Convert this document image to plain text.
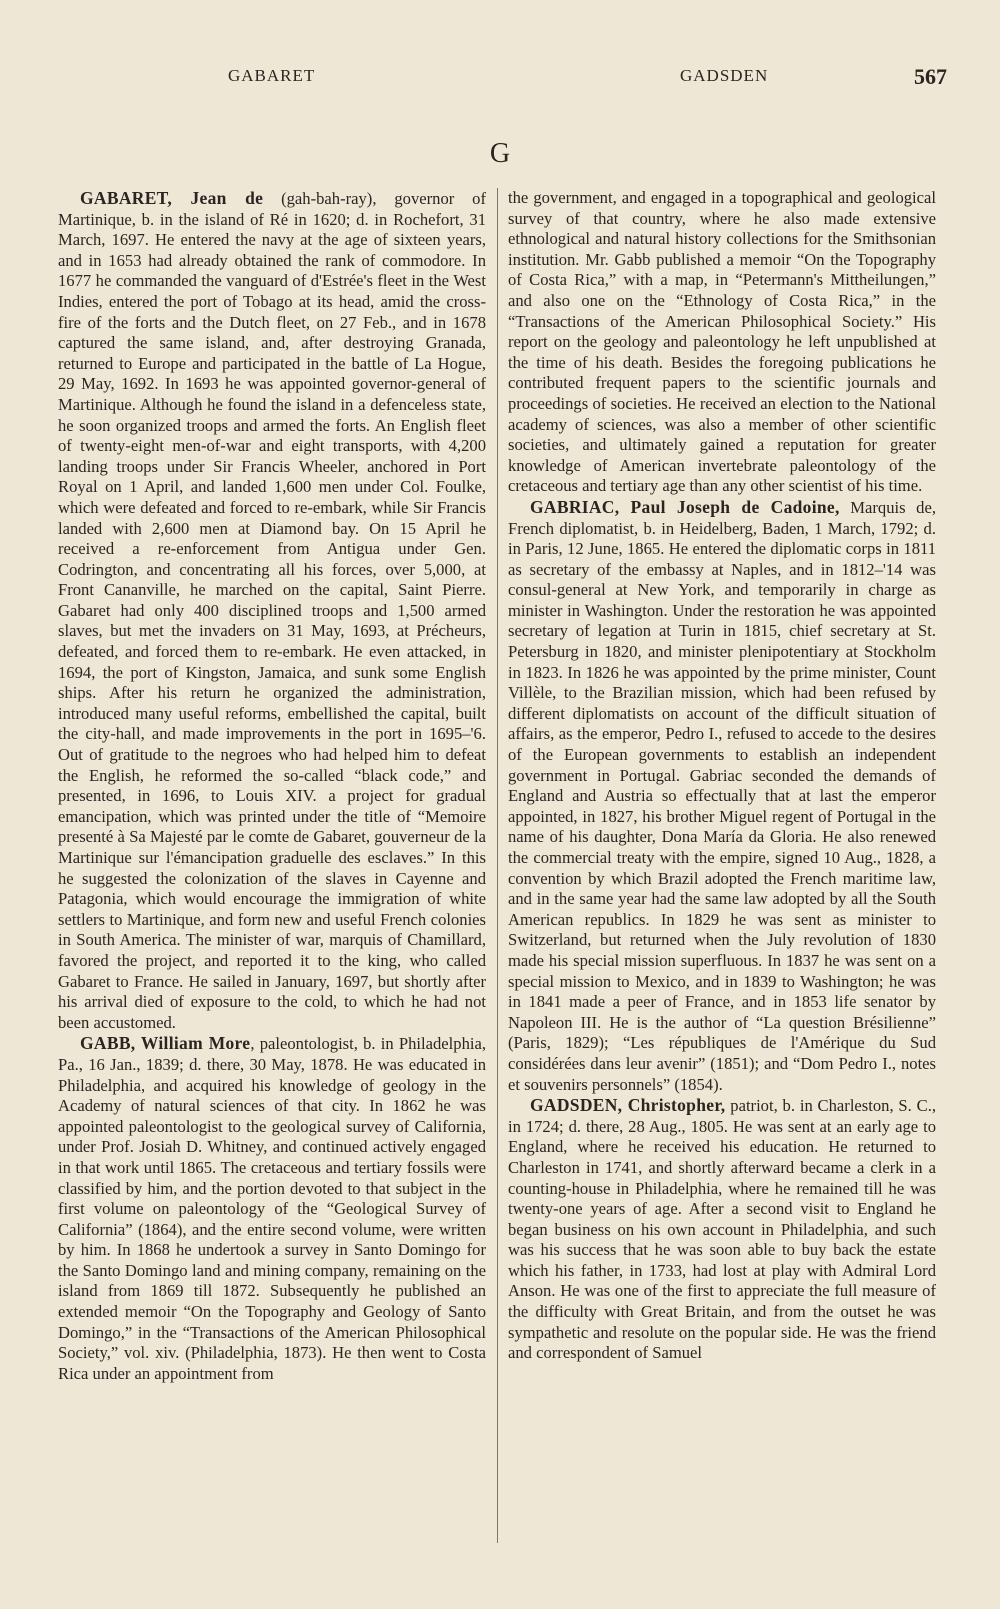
GABARET	GADSDEN	567
G

GABARET, Jean de (gah-bah-ray), governor of Martinique, b. in the island of Ré in 1620; d. in Rochefort, 31 March, 1697. He entered the navy at the age of sixteen years, and in 1653 had already obtained the rank of commodore. In 1677 he commanded the vanguard of d'Estrée's fleet in the West Indies, entered the port of Tobago at its head, amid the cross-fire of the forts and the Dutch fleet, on 27 Feb., and in 1678 captured the same island, and, after destroying Granada, returned to Europe and participated in the battle of La Hogue, 29 May, 1692. In 1693 he was appointed governor-general of Martinique. Although he found the island in a defenceless state, he soon organized troops and armed the forts. An English fleet of twenty-eight men-of-war and eight transports, with 4,200 landing troops under Sir Francis Wheeler, anchored in Port Royal on 1 April, and landed 1,600 men under Col. Foulke, which were defeated and forced to re-embark, while Sir Francis landed with 2,600 men at Diamond bay. On 15 April he received a re-enforcement from Antigua under Gen. Codrington, and concentrating all his forces, over 5,000, at Front Cananville, he marched on the capital, Saint Pierre. Gabaret had only 400 disciplined troops and 1,500 armed slaves, but met the invaders on 31 May, 1693, at Précheurs, defeated, and forced them to re-embark. He even attacked, in 1694, the port of Kingston, Jamaica, and sunk some English ships. After his return he organized the administration, introduced many useful reforms, embellished the capital, built the city-hall, and made improvements in the port in 1695–'6. Out of gratitude to the negroes who had helped him to defeat the English, he reformed the so-called “black code,” and presented, in 1696, to Louis XIV. a project for gradual emancipation, which was printed under the title of “Memoire presenté à Sa Majesté par le comte de Gabaret, gouverneur de la Martinique sur l'émancipation graduelle des esclaves.” In this he suggested the colonization of the slaves in Cayenne and Patagonia, which would encourage the immigration of white settlers to Martinique, and form new and useful French colonies in South America. The minister of war, marquis of Chamillard, favored the project, and reported it to the king, who called Gabaret to France. He sailed in January, 1697, but shortly after his arrival died of exposure to the cold, to which he had not been accustomed.

GABB, William More, paleontologist, b. in Philadelphia, Pa., 16 Jan., 1839; d. there, 30 May, 1878. He was educated in Philadelphia, and acquired his knowledge of geology in the Academy of natural sciences of that city. In 1862 he was appointed paleontologist to the geological survey of California, under Prof. Josiah D. Whitney, and continued actively engaged in that work until 1865. The cretaceous and tertiary fossils were classified by him, and the portion devoted to that subject in the first volume on paleontology of the “Geological Survey of California” (1864), and the entire second volume, were written by him. In 1868 he undertook a survey in Santo Domingo for the Santo Domingo land and mining company, remaining on the island from 1869 till 1872. Subsequently he published an extended memoir “On the Topography and Geology of Santo Domingo,” in the “Transactions of the American Philosophical Society,” vol. xiv. (Philadelphia, 1873). He then went to Costa Rica under an appointment from

the government, and engaged in a topographical and geological survey of that country, where he also made extensive ethnological and natural history collections for the Smithsonian institution. Mr. Gabb published a memoir “On the Topography of Costa Rica,” with a map, in “Petermann's Mittheilungen,” and also one on the “Ethnology of Costa Rica,” in the “Transactions of the American Philosophical Society.” His report on the geology and paleontology he left unpublished at the time of his death. Besides the foregoing publications he contributed frequent papers to the scientific journals and proceedings of societies. He received an election to the National academy of sciences, was also a member of other scientific societies, and ultimately gained a reputation for greater knowledge of American invertebrate paleontology of the cretaceous and tertiary age than any other scientist of his time.

GABRIAC, Paul Joseph de Cadoine, Marquis de, French diplomatist, b. in Heidelberg, Baden, 1 March, 1792; d. in Paris, 12 June, 1865. He entered the diplomatic corps in 1811 as secretary of the embassy at Naples, and in 1812–'14 was consul-general at New York, and temporarily in charge as minister in Washington. Under the restoration he was appointed secretary of legation at Turin in 1815, chief secretary at St. Petersburg in 1820, and minister plenipotentiary at Stockholm in 1823. In 1826 he was appointed by the prime minister, Count Villèle, to the Brazilian mission, which had been refused by different diplomatists on account of the difficult situation of affairs, as the emperor, Pedro I., refused to accede to the desires of the European governments to establish an independent government in Portugal. Gabriac seconded the demands of England and Austria so effectually that at last the emperor appointed, in 1827, his brother Miguel regent of Portugal in the name of his daughter, Dona María da Gloria. He also renewed the commercial treaty with the empire, signed 10 Aug., 1828, a convention by which Brazil adopted the French maritime law, and in the same year had the same law adopted by all the South American republics. In 1829 he was sent as minister to Switzerland, but returned when the July revolution of 1830 made his special mission superfluous. In 1837 he was sent on a special mission to Mexico, and in 1839 to Washington; he was in 1841 made a peer of France, and in 1853 life senator by Napoleon III. He is the author of “La question Brésilienne” (Paris, 1829); “Les républiques de l'Amérique du Sud considérées dans leur avenir” (1851); and “Dom Pedro I., notes et souvenirs personnels” (1854).

GADSDEN, Christopher, patriot, b. in Charleston, S. C., in 1724; d. there, 28 Aug., 1805. He was sent at an early age to England, where he received his education. He returned to Charleston in 1741, and shortly afterward became a clerk in a counting-house in Philadelphia, where he remained till he was twenty-one years of age. After a second visit to England he began business on his own account in Philadelphia, and such was his success that he was soon able to buy back the estate which his father, in 1733, had lost at play with Admiral Lord Anson. He was one of the first to appreciate the full measure of the difficulty with Great Britain, and from the outset he was sympathetic and resolute on the popular side. He was the friend and correspondent of Samuel
